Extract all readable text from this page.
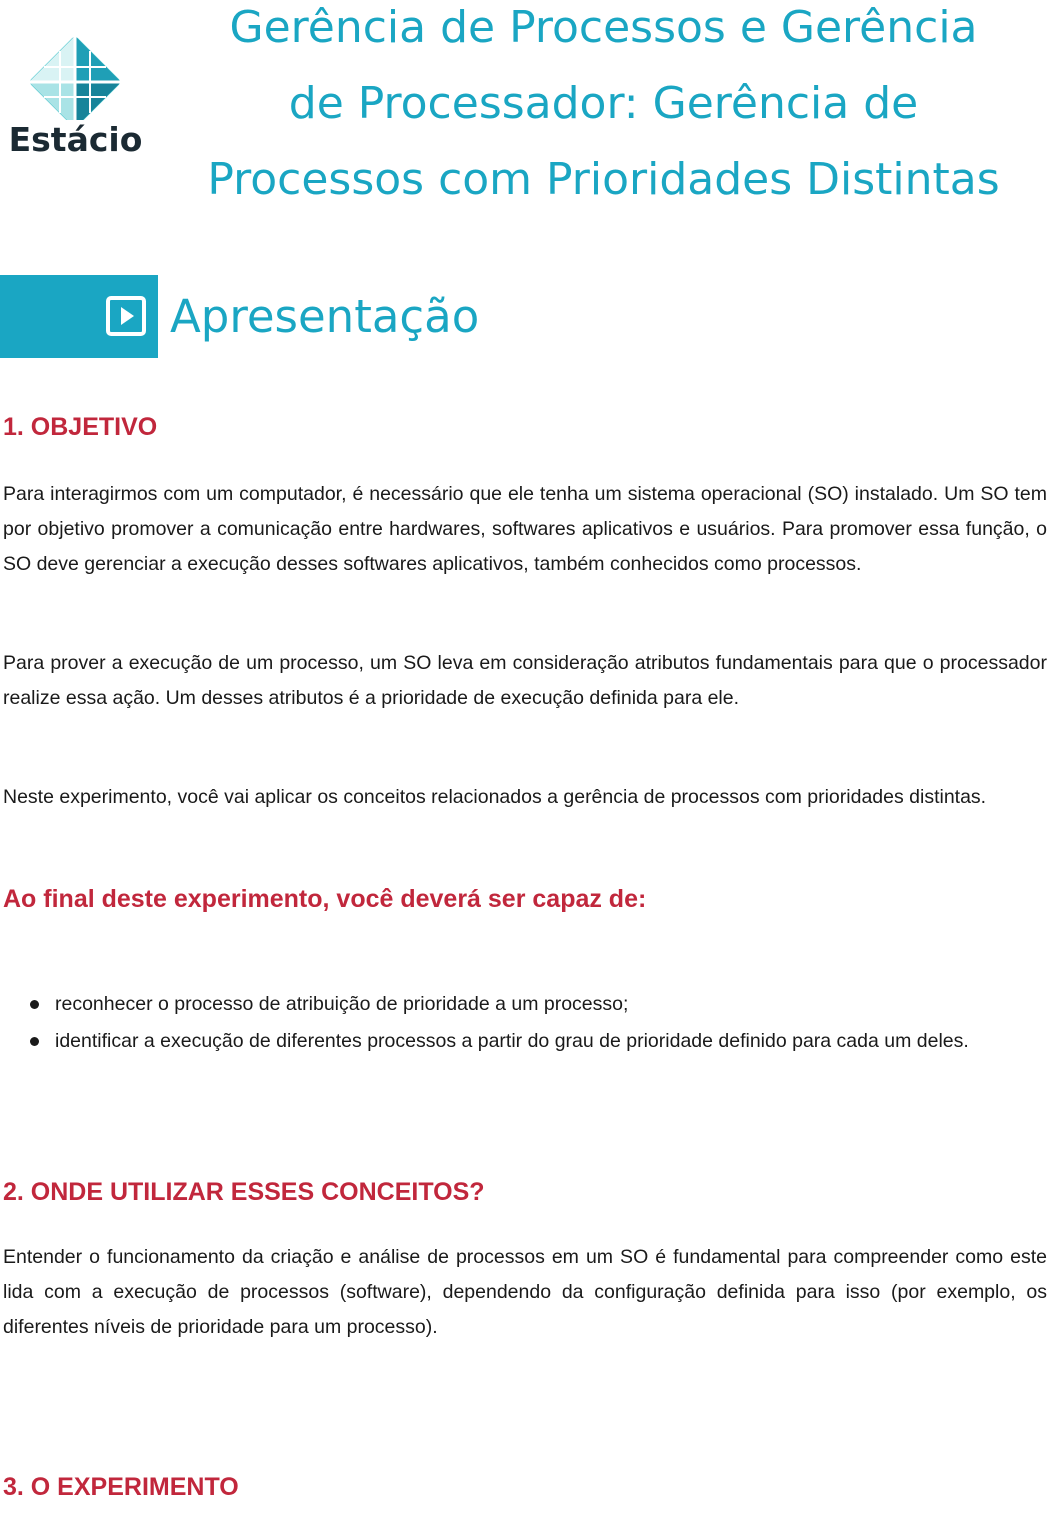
Estácio
Gerência de Processos e Gerência
de Processador: Gerência de
Processos com Prioridades Distintas
Apresentação
1. OBJETIVO

Para interagirmos com um computador, é necessário que ele tenha um sistema operacional (SO) instalado. Um SO tem por objetivo promover a comunicação entre hardwares, softwares aplicativos e usuários. Para promover essa função, o SO deve gerenciar a execução desses softwares aplicativos, também conhecidos como processos.

Para prover a execução de um processo, um SO leva em consideração atributos fundamentais para que o processador realize essa ação. Um desses atributos é a prioridade de execução definida para ele.

Neste experimento, você vai aplicar os conceitos relacionados a gerência de processos com prioridades distintas.

Ao final deste experimento, você deverá ser capaz de:
reconhecer o processo de atribuição de prioridade a um processo;
identificar a execução de diferentes processos a partir do grau de prioridade definido para cada um deles.
2. ONDE UTILIZAR ESSES CONCEITOS?

Entender o funcionamento da criação e análise de processos em um SO é fundamental para compreender como este lida com a execução de processos (software), dependendo da configuração definida para isso (por exemplo, os diferentes níveis de prioridade para um processo).

3. O EXPERIMENTO
